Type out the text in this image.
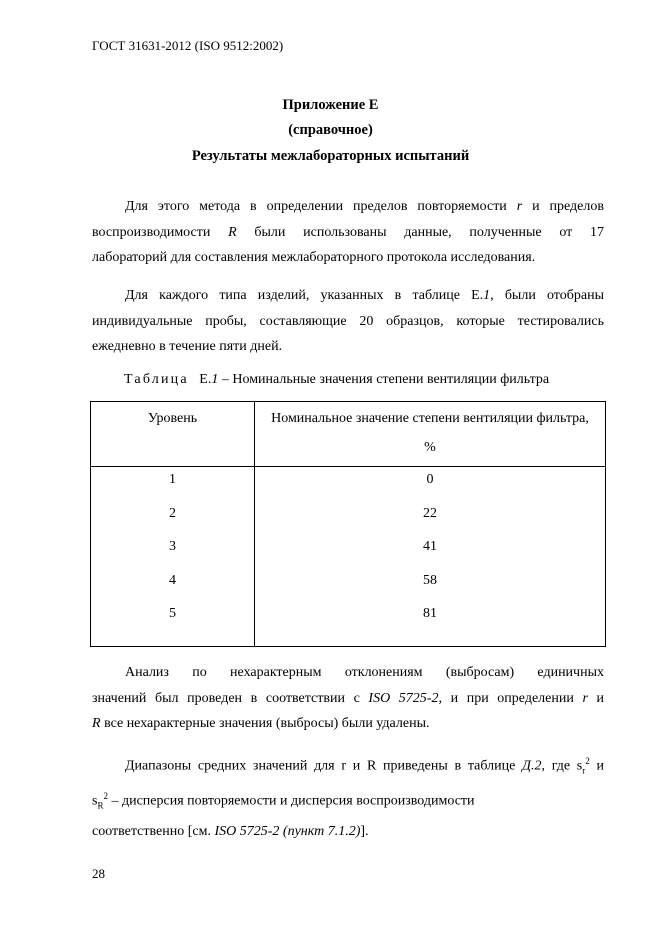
ГОСТ 31631-2012 (ISO 9512:2002)
Приложение Е
(справочное)
Результаты межлабораторных испытаний
Для этого метода в определении пределов повторяемости r и пределов
воспроизводимости R были использованы данные, полученные от 17
лабораторий для составления межлабораторного протокола исследования.
Для каждого типа изделий, указанных в таблице Е.1, были отобраны индивидуальные пробы, составляющие 20 образцов, которые тестировались ежедневно в течение пяти дней.
Таблица Е.1 – Номинальные значения степени вентиляции фильтра
Уровень	Номинальное значение степени вентиляции фильтра, %

1	0
2	22
3	41
4	58
5	81
Анализ по нехарактерным отклонениям (выбросам) единичных
значений был проведен в соответствии с ISO 5725-2, и при определении r и
R все нехарактерные значения (выбросы) были удалены.
Диапазоны средних значений для r и R приведены в таблице Д.2, где $s_r^2$ и
$s_R^2$ – дисперсия повторяемости и дисперсия воспроизводимости
соответственно [см. ISO 5725-2 (пункт 7.1.2)].
28
